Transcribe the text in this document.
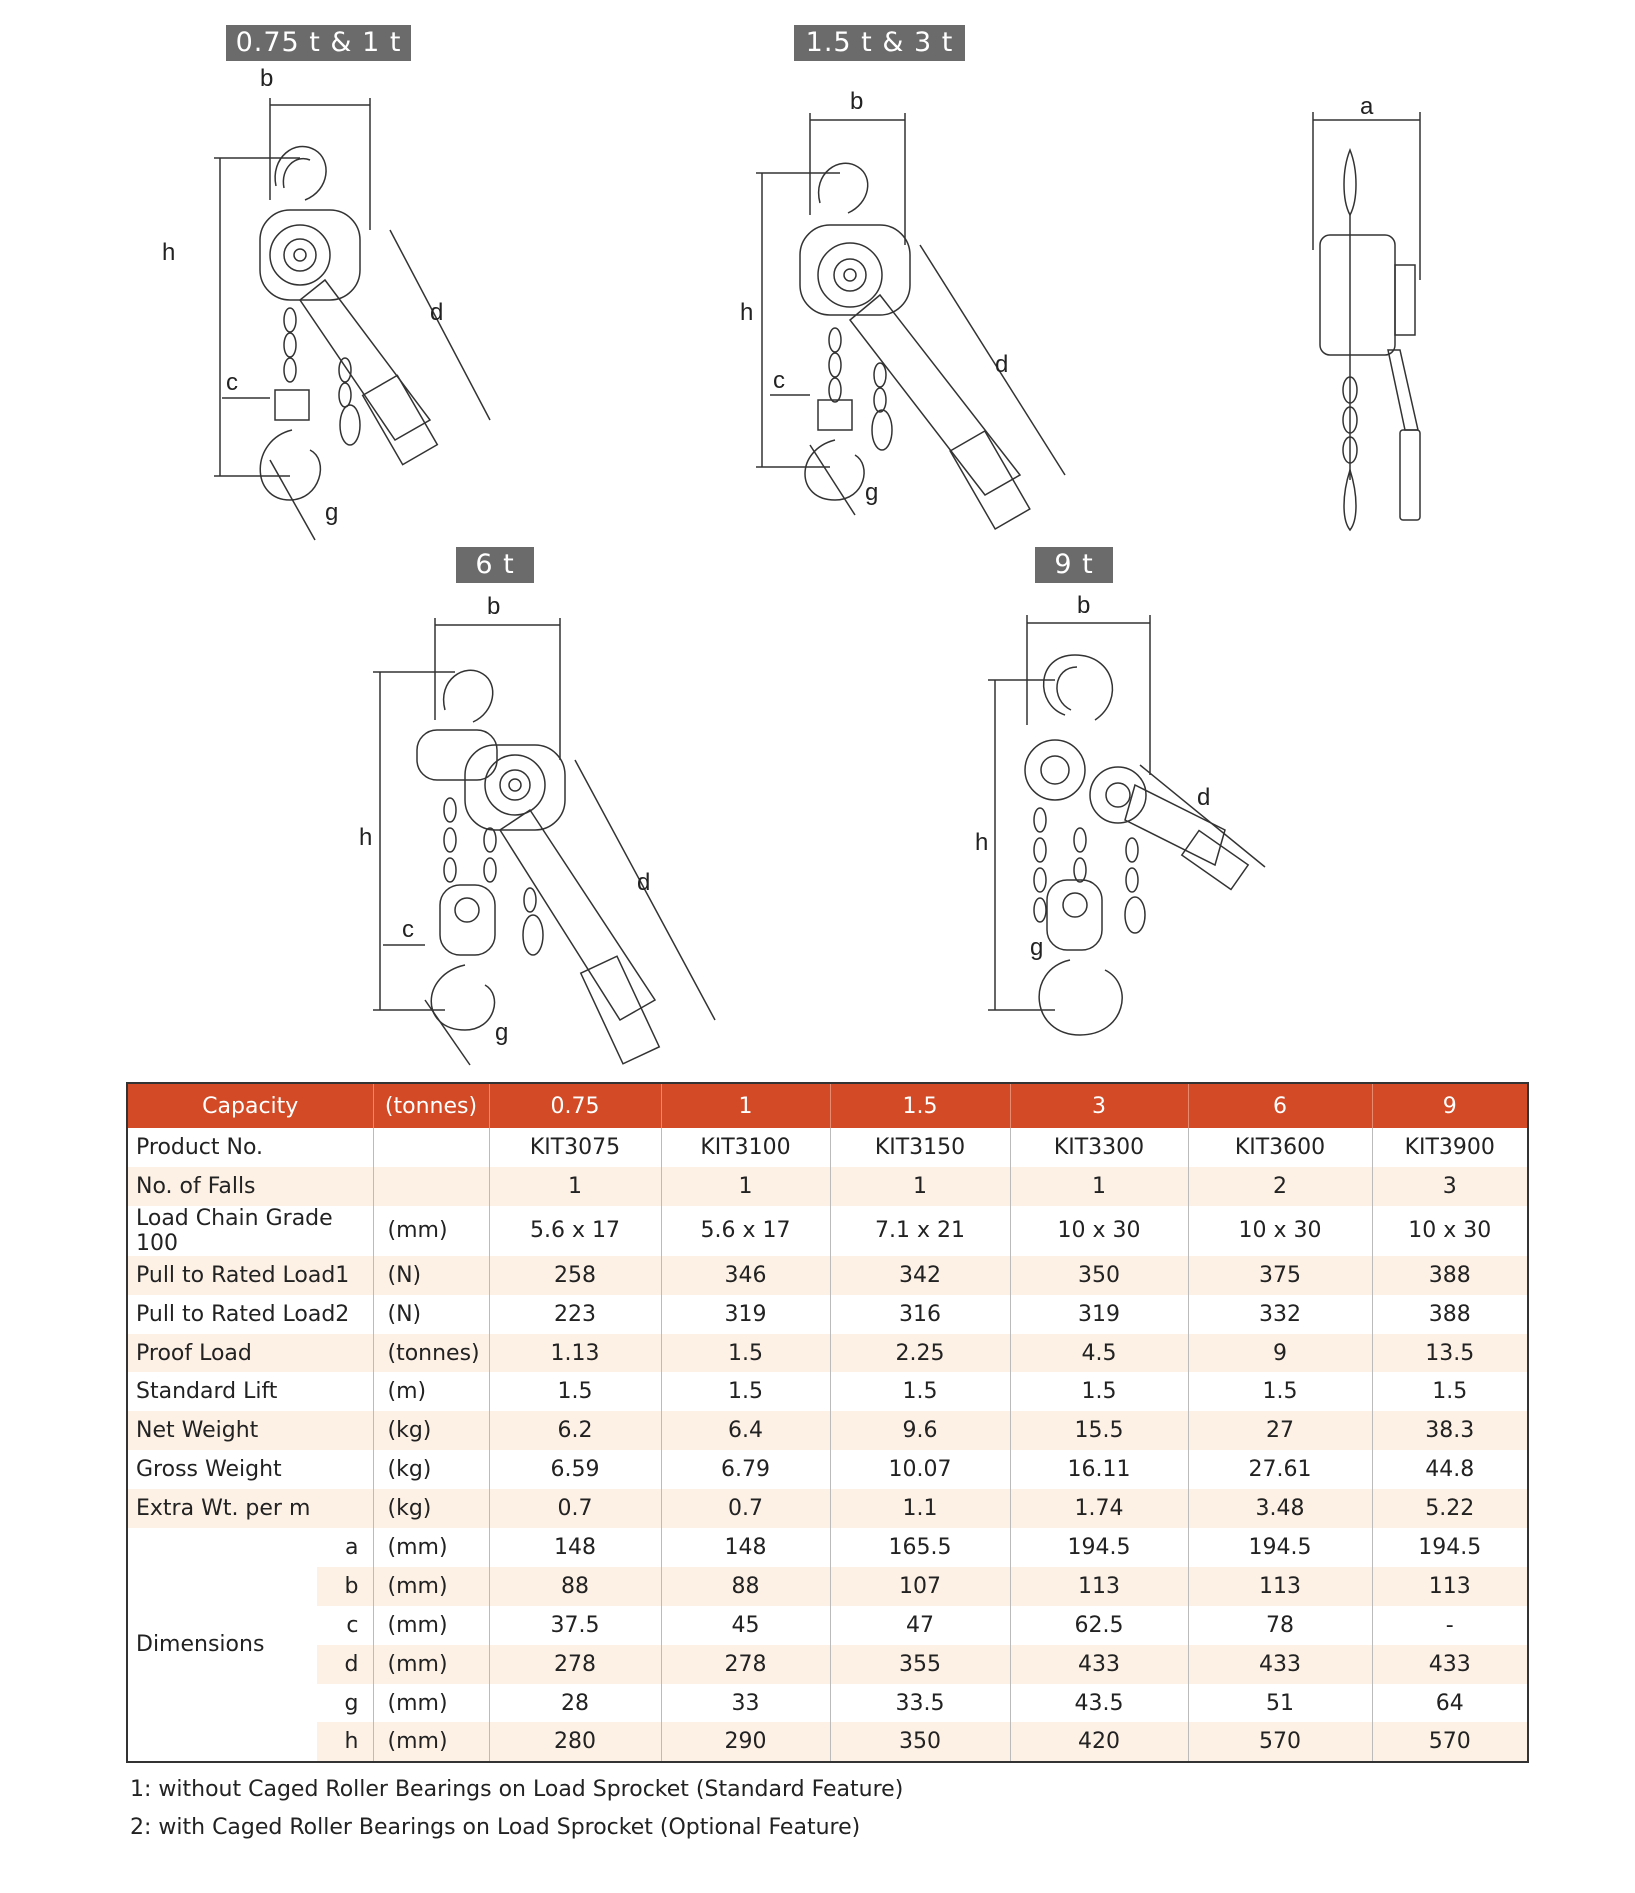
0.75 t & 1 t	1.5 t & 3 t
6 t	9 t
b
h
d
c
g
b
h
d
c
g
a
b
h
d
c
g
b
h
d
g
Capacity		(tonnes)	0.75	1	1.5	3	6	9
Product No.			KIT3075	KIT3100	KIT3150	KIT3300	KIT3600	KIT3900
No. of Falls			1	1	1	1	2	3
Load Chain Grade 100		(mm)	5.6 x 17	5.6 x 17	7.1 x 21	10 x 30	10 x 30	10 x 30
Pull to Rated Load1		(N)	258	346	342	350	375	388
Pull to Rated Load2		(N)	223	319	316	319	332	388
Proof Load		(tonnes)	1.13	1.5	2.25	4.5	9	13.5
Standard Lift		(m)	1.5	1.5	1.5	1.5	1.5	1.5
Net Weight		(kg)	6.2	6.4	9.6	15.5	27	38.3
Gross Weight		(kg)	6.59	6.79	10.07	16.11	27.61	44.8
Extra Wt. per m		(kg)	0.7	0.7	1.1	1.74	3.48	5.22
Dimensions	a	(mm)	148	148	165.5	194.5	194.5	194.5
	b	(mm)	88	88	107	113	113	113
	c	(mm)	37.5	45	47	62.5	78	-
	d	(mm)	278	278	355	433	433	433
	g	(mm)	28	33	33.5	43.5	51	64
	h	(mm)	280	290	350	420	570	570
1: without Caged Roller Bearings on Load Sprocket (Standard Feature)
2: with Caged Roller Bearings on Load Sprocket (Optional Feature)
